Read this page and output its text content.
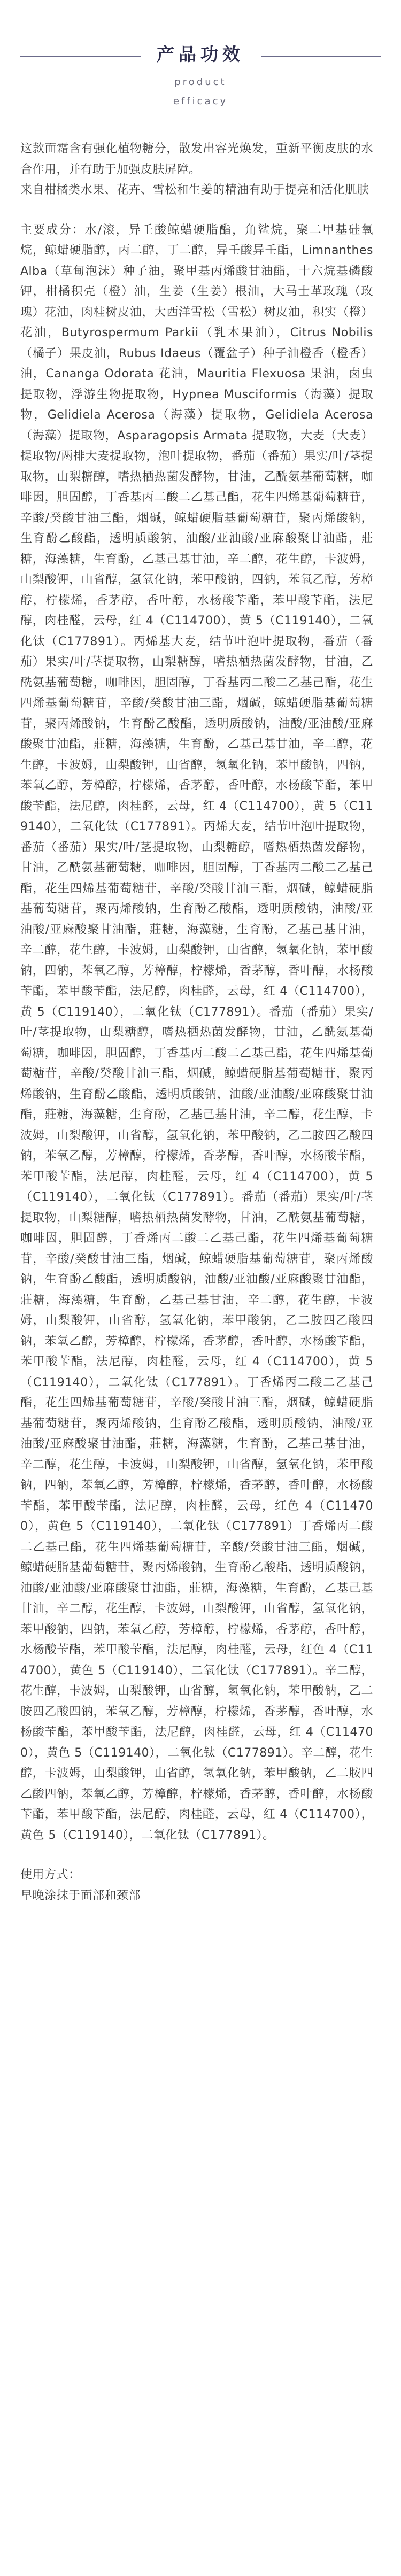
产品功效
product
efficacy

这款面霜含有强化植物糖分，散发出容光焕发，重新平衡皮肤的水合作用，并有助于加强皮肤屏障。

来自柑橘类水果、花卉、雪松和生姜的精油有助于提亮和活化肌肤

主要成分：水/滚，异壬酸鲸蜡硬脂酯，角鲨烷，聚二甲基硅氧烷，鲸蜡硬脂醇，丙二醇，丁二醇，异壬酸异壬酯，Limnanthes Alba（草甸泡沫）种子油，聚甲基丙烯酸甘油酯，十六烷基磷酸钾，柑橘积壳（橙）油，生姜（生姜）根油，大马士革玫瑰（玫瑰）花油，肉桂树皮油，大西洋雪松（雪松）树皮油，积实（橙）花油，Butyrospermum Parkii（乳木果油），Citrus Nobilis（橘子）果皮油，Rubus Idaeus（覆盆子）种子油橙香（橙香）油，Cananga Odorata 花油，Mauritia Flexuosa 果油，卤虫提取物，浮游生物提取物，Hypnea Musciformis（海藻）提取物，Gelidiela Acerosa（海藻）提取物，Gelidiela Acerosa（海藻）提取物，Asparagopsis Armata 提取物，大麦（大麦）提取物/两排大麦提取物，泡叶提取物，番茄（番茄）果实/叶/茎提取物，山梨糖醇，嗜热栖热菌发酵物，甘油，乙酰氨基葡萄糖，咖啡因，胆固醇，丁香基丙二酸二乙基己酯，花生四烯基葡萄糖苷，辛酸/癸酸甘油三酯，烟碱，鲸蜡硬脂基葡萄糖苷，聚丙烯酸钠，生育酚乙酸酯，透明质酸钠，油酸/亚油酸/亚麻酸聚甘油酯，莊糖，海藻糖，生育酚，乙基己基甘油，辛二醇，花生醇，卡波姆，山梨酸钾，山省醇，氢氧化钠，苯甲酸钠，四钠，苯氧乙醇，芳樟醇，柠檬烯，香茅醇，香叶醇，水杨酸苄酯，苯甲酸苄酯，法尼醇，肉桂醛，云母，红 4（C114700），黄 5（C119140），二氧化钛（C177891）。丙烯基大麦，结节叶泡叶提取物，番茄（番茄）果实/叶/茎提取物，山梨糖醇，嗜热栖热菌发酵物，甘油，乙酰氨基葡萄糖，咖啡因，胆固醇，丁香基丙二酸二乙基己酯，花生四烯基葡萄糖苷，辛酸/癸酸甘油三酯，烟碱，鲸蜡硬脂基葡萄糖苷，聚丙烯酸钠，生育酚乙酸酯，透明质酸钠，油酸/亚油酸/亚麻酸聚甘油酯，莊糖，海藻糖，生育酚，乙基己基甘油，辛二醇，花生醇，卡波姆，山梨酸钾，山省醇，氢氧化钠，苯甲酸钠，四钠，苯氧乙醇，芳樟醇，柠檬烯，香茅醇，香叶醇，水杨酸苄酯，苯甲酸苄酯，法尼醇，肉桂醛，云母，红 4（C114700），黄 5（C119140），二氧化钛（C177891）。丙烯大麦，结节叶泡叶提取物，番茄（番茄）果实/叶/茎提取物，山梨糖醇，嗜热栖热菌发酵物，甘油，乙酰氨基葡萄糖，咖啡因，胆固醇，丁香基丙二酸二乙基己酯，花生四烯基葡萄糖苷，辛酸/癸酸甘油三酯，烟碱，鲸蜡硬脂基葡萄糖苷，聚丙烯酸钠，生育酚乙酸酯，透明质酸钠，油酸/亚油酸/亚麻酸聚甘油酯，莊糖，海藻糖，生育酚，乙基己基甘油，辛二醇，花生醇，卡波姆，山梨酸钾，山省醇，氢氧化钠，苯甲酸钠，四钠，苯氧乙醇，芳樟醇，柠檬烯，香茅醇，香叶醇，水杨酸苄酯，苯甲酸苄酯，法尼醇，肉桂醛，云母，红 4（C114700），黄 5（C119140），二氧化钛（C177891）。番茄（番茄）果实/叶/茎提取物，山梨糖醇，嗜热栖热菌发酵物，甘油，乙酰氨基葡萄糖，咖啡因，胆固醇，丁香基丙二酸二乙基己酯，花生四烯基葡萄糖苷，辛酸/癸酸甘油三酯，烟碱，鲸蜡硬脂基葡萄糖苷，聚丙烯酸钠，生育酚乙酸酯，透明质酸钠，油酸/亚油酸/亚麻酸聚甘油酯，莊糖，海藻糖，生育酚，乙基己基甘油，辛二醇，花生醇，卡波姆，山梨酸钾，山省醇，氢氧化钠，苯甲酸钠，乙二胺四乙酸四钠，苯氧乙醇，芳樟醇，柠檬烯，香茅醇，香叶醇，水杨酸苄酯，苯甲酸苄酯，法尼醇，肉桂醛，云母，红 4（C114700），黄 5（C119140），二氧化钛（C177891）。番茄（番茄）果实/叶/茎提取物，山梨糖醇，嗜热栖热菌发酵物，甘油，乙酰氨基葡萄糖，咖啡因，胆固醇，丁香烯丙二酸二乙基己酯，花生四烯基葡萄糖苷，辛酸/癸酸甘油三酯，烟碱，鲸蜡硬脂基葡萄糖苷，聚丙烯酸钠，生育酚乙酸酯，透明质酸钠，油酸/亚油酸/亚麻酸聚甘油酯，莊糖，海藻糖，生育酚，乙基己基甘油，辛二醇，花生醇，卡波姆，山梨酸钾，山省醇，氢氧化钠，苯甲酸钠，乙二胺四乙酸四钠，苯氧乙醇，芳樟醇，柠檬烯，香茅醇，香叶醇，水杨酸苄酯，苯甲酸苄酯，法尼醇，肉桂醛，云母，红 4（C114700），黄 5（C119140），二氧化钛（C177891）。丁香烯丙二酸二乙基己酯，花生四烯基葡萄糖苷，辛酸/癸酸甘油三酯，烟碱，鲸蜡硬脂基葡萄糖苷，聚丙烯酸钠，生育酚乙酸酯，透明质酸钠，油酸/亚油酸/亚麻酸聚甘油酯，莊糖，海藻糖，生育酚，乙基己基甘油，辛二醇，花生醇，卡波姆，山梨酸钾，山省醇，氢氧化钠，苯甲酸钠，四钠，苯氧乙醇，芳樟醇，柠檬烯，香茅醇，香叶醇，水杨酸苄酯，苯甲酸苄酯，法尼醇，肉桂醛，云母，红色 4（C114700），黄色 5（C119140），二氧化钛（C177891）丁香烯丙二酸二乙基己酯，花生四烯基葡萄糖苷，辛酸/癸酸甘油三酯，烟碱，鲸蜡硬脂基葡萄糖苷，聚丙烯酸钠，生育酚乙酸酯，透明质酸钠，油酸/亚油酸/亚麻酸聚甘油酯，莊糖，海藻糖，生育酚，乙基己基甘油，辛二醇，花生醇，卡波姆，山梨酸钾，山省醇，氢氧化钠，苯甲酸钠，四钠，苯氧乙醇，芳樟醇，柠檬烯，香茅醇，香叶醇，水杨酸苄酯，苯甲酸苄酯，法尼醇，肉桂醛，云母，红色 4（C114700），黄色 5（C119140），二氧化钛（C177891）。辛二醇，花生醇，卡波姆，山梨酸钾，山省醇，氢氧化钠，苯甲酸钠，乙二胺四乙酸四钠，苯氧乙醇，芳樟醇，柠檬烯，香茅醇，香叶醇，水杨酸苄酯，苯甲酸苄酯，法尼醇，肉桂醛，云母，红 4（C114700），黄色 5（C119140），二氧化钛（C177891）。辛二醇，花生醇，卡波姆，山梨酸钾，山省醇，氢氧化钠，苯甲酸钠，乙二胺四乙酸四钠，苯氧乙醇，芳樟醇，柠檬烯，香茅醇，香叶醇，水杨酸苄酯，苯甲酸苄酯，法尼醇，肉桂醛，云母，红 4（C114700），黄色 5（C119140），二氧化钛（C177891）。

使用方式：

早晚涂抹于面部和颈部
